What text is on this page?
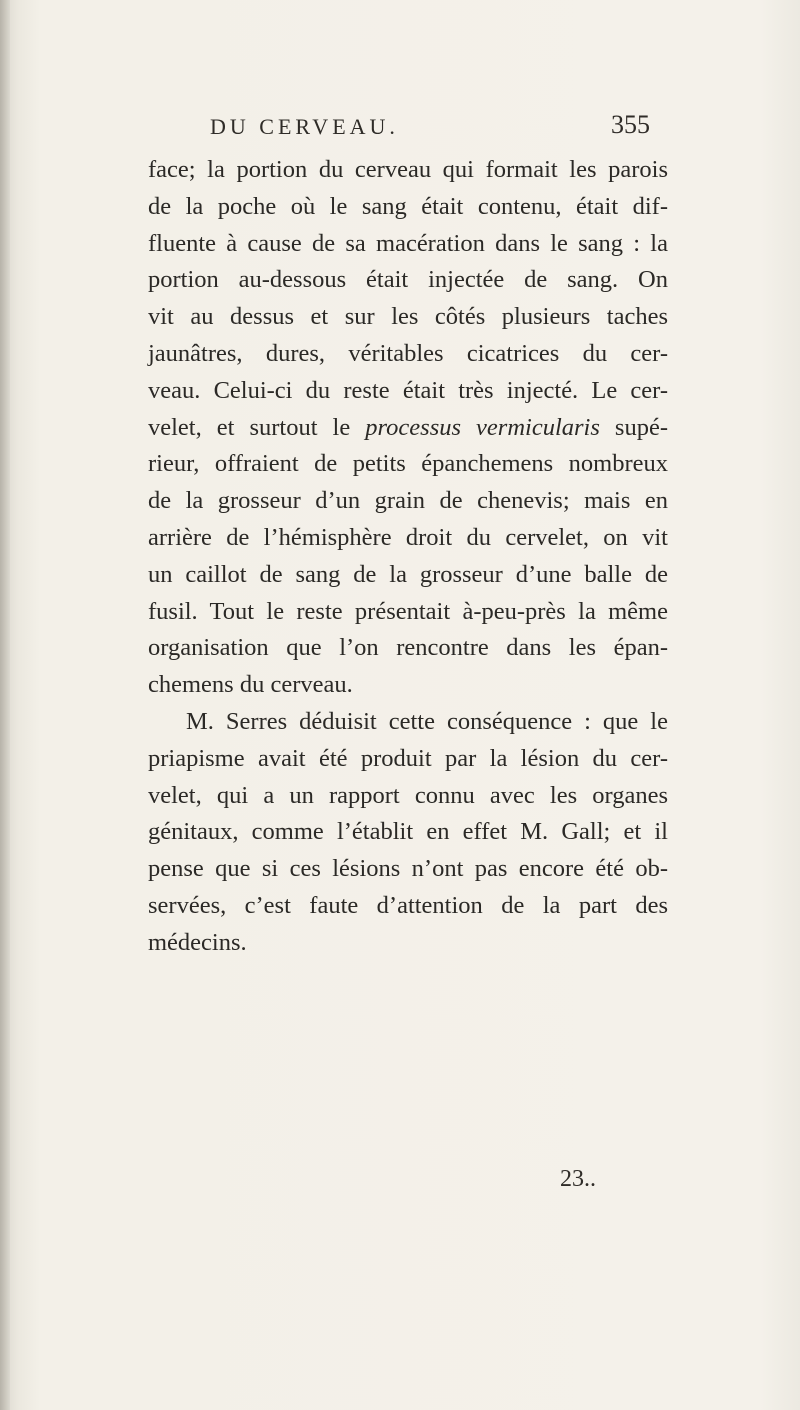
DU CERVEAU.	355
face; la portion du cerveau qui formait les parois
de la poche où le sang était contenu, était dif-
fluente à cause de sa macération dans le sang : la
portion au-dessous était injectée de sang. On
vit au dessus et sur les côtés plusieurs taches
jaunâtres, dures, véritables cicatrices du cer-
veau. Celui-ci du reste était très injecté. Le cer-
velet, et surtout le processus vermicularis supé-
rieur, offraient de petits épanchemens nombreux
de la grosseur d’un grain de chenevis; mais en
arrière de l’hémisphère droit du cervelet, on vit
un caillot de sang de la grosseur d’une balle de
fusil. Tout le reste présentait à-peu-près la même
organisation que l’on rencontre dans les épan-
chemens du cerveau.
M. Serres déduisit cette conséquence : que le
priapisme avait été produit par la lésion du cer-
velet, qui a un rapport connu avec les organes
génitaux, comme l’établit en effet M. Gall; et il
pense que si ces lésions n’ont pas encore été ob-
servées, c’est faute d’attention de la part des
médecins.
23..
